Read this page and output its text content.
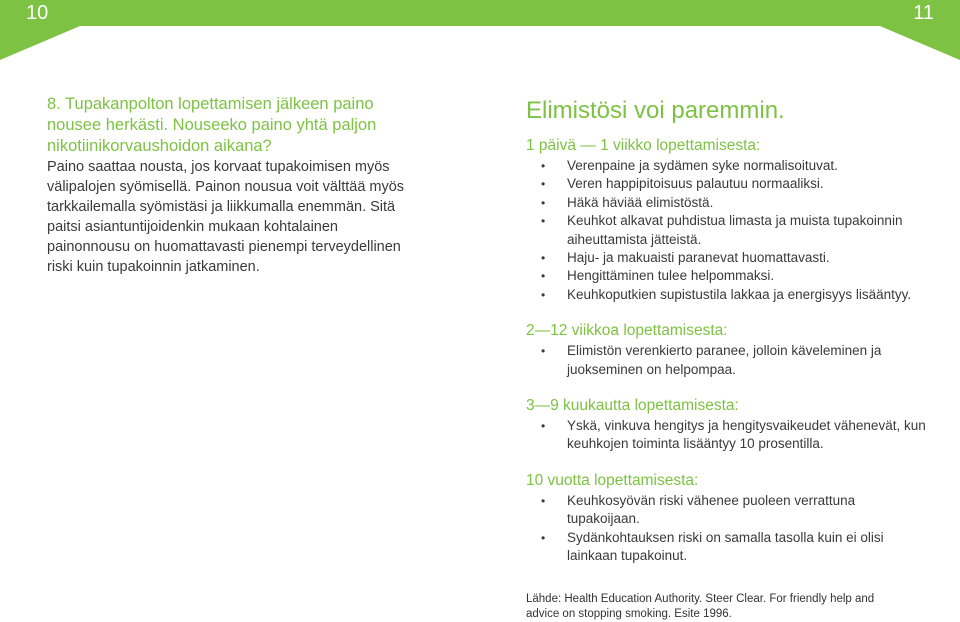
10	11

8. Tupakanpolton lopettamisen jälkeen paino nousee herkästi. Nouseeko paino yhtä paljon nikotiinikorvaushoidon aikana?

Paino saattaa nousta, jos korvaat tupakoimisen myös välipalojen syömisellä. Painon nousua voit välttää myös tarkkailemalla syömistäsi ja liikkumalla enemmän. Sitä paitsi asiantuntijoidenkin mukaan kohtalainen painonnousu on huomattavasti pienempi terveydellinen riski kuin tupakoinnin jatkaminen.

Elimistösi voi paremmin.
1 päivä — 1 viikko lopettamisesta:
• Verenpaine ja sydämen syke normalisoituvat.
• Veren happipitoisuus palautuu normaaliksi.
• Häkä häviää elimistöstä.
• Keuhkot alkavat puhdistua limasta ja muista tupakoinnin aiheuttamista jätteistä.
• Haju- ja makuaisti paranevat huomattavasti.
• Hengittäminen tulee helpommaksi.
• Keuhkoputkien supistustila lakkaa ja energisyys lisääntyy.
2—12 viikkoa lopettamisesta:
• Elimistön verenkierto paranee, jolloin käveleminen ja juokseminen on helpompaa.
3—9 kuukautta lopettamisesta:
• Yskä, vinkuva hengitys ja hengitysvaikeudet vähenevät, kun keuhkojen toiminta lisääntyy 10 prosentilla.
10 vuotta lopettamisesta:
• Keuhkosyövän riski vähenee puoleen verrattuna tupakoijaan.
• Sydänkohtauksen riski on samalla tasolla kuin ei olisi lainkaan tupakoinut.
Lähde: Health Education Authority. Steer Clear. For friendly help and advice on stopping smoking. Esite 1996.
